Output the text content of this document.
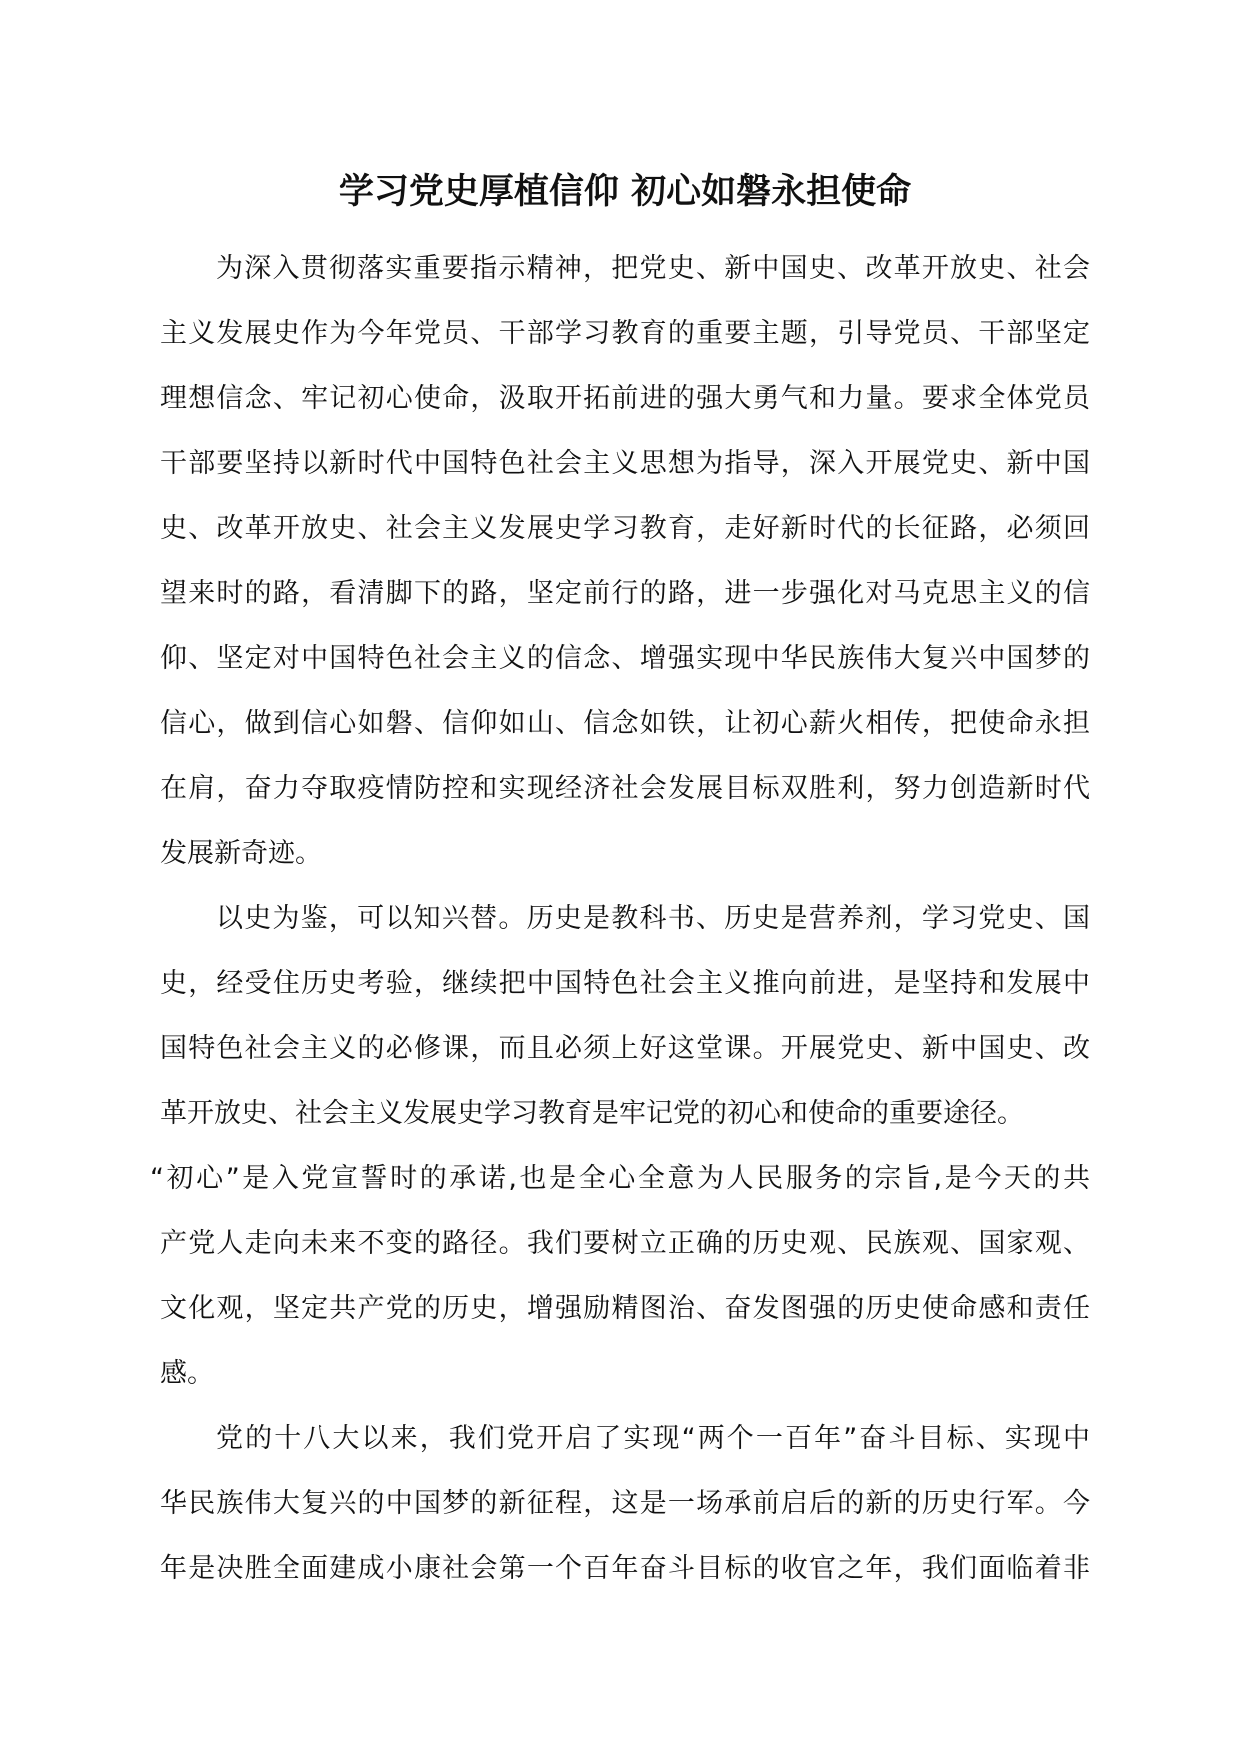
学习党史厚植信仰 初心如磐永担使命
为深入贯彻落实重要指示精神，把党史、新中国史、改革开放史、社会
主义发展史作为今年党员、干部学习教育的重要主题，引导党员、干部坚定
理想信念、牢记初心使命，汲取开拓前进的强大勇气和力量。要求全体党员
干部要坚持以新时代中国特色社会主义思想为指导，深入开展党史、新中国
史、改革开放史、社会主义发展史学习教育，走好新时代的长征路，必须回
望来时的路，看清脚下的路，坚定前行的路，进一步强化对马克思主义的信
仰、坚定对中国特色社会主义的信念、增强实现中华民族伟大复兴中国梦的
信心，做到信心如磐、信仰如山、信念如铁，让初心薪火相传，把使命永担
在肩，奋力夺取疫情防控和实现经济社会发展目标双胜利，努力创造新时代
发展新奇迹。
以史为鉴，可以知兴替。历史是教科书、历史是营养剂，学习党史、国
史，经受住历史考验，继续把中国特色社会主义推向前进，是坚持和发展中
国特色社会主义的必修课，而且必须上好这堂课。开展党史、新中国史、改
革开放史、社会主义发展史学习教育是牢记党的初心和使命的重要途径。
“初心”是入党宣誓时的承诺,也是全心全意为人民服务的宗旨,是今天的共
产党人走向未来不变的路径。我们要树立正确的历史观、民族观、国家观、
文化观，坚定共产党的历史，增强励精图治、奋发图强的历史使命感和责任
感。
党的十八大以来，我们党开启了实现“两个一百年”奋斗目标、实现中
华民族伟大复兴的中国梦的新征程，这是一场承前启后的新的历史行军。今
年是决胜全面建成小康社会第一个百年奋斗目标的收官之年，我们面临着非
